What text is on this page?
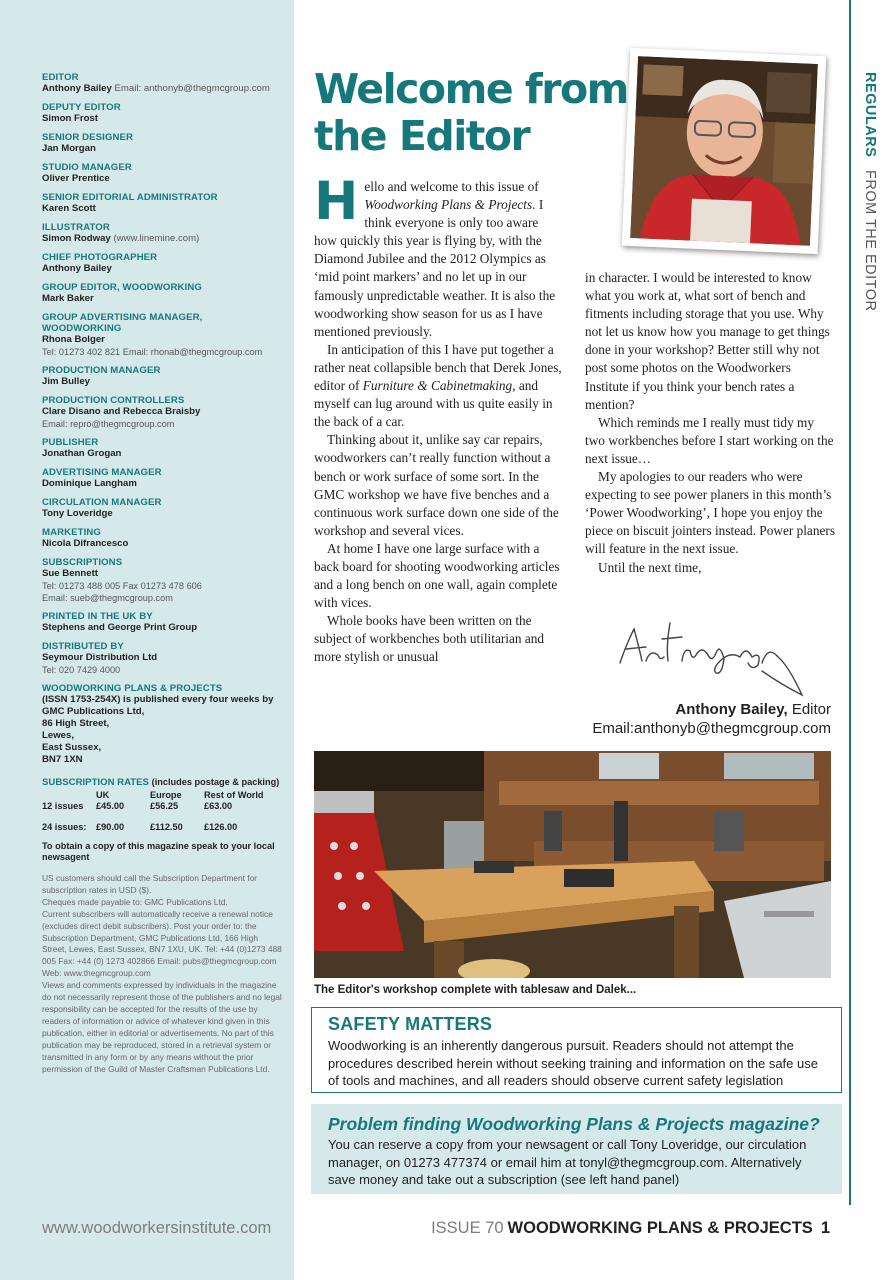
EDITOR
Anthony Bailey Email: anthonyb@thegmcgroup.com
DEPUTY EDITOR
Simon Frost
SENIOR DESIGNER
Jan Morgan
STUDIO MANAGER
Oliver Prentice
SENIOR EDITORIAL ADMINISTRATOR
Karen Scott
ILLUSTRATOR
Simon Rodway (www.linemine.com)
CHIEF PHOTOGRAPHER
Anthony Bailey
GROUP EDITOR, WOODWORKING
Mark Baker
GROUP ADVERTISING MANAGER, WOODWORKING
Rhona Bolger
Tel: 01273 402 821 Email: rhonab@thegmcgroup.com
PRODUCTION MANAGER
Jim Bulley
PRODUCTION CONTROLLERS
Clare Disano and Rebecca Braisby
Email: repro@thegmcgroup.com
PUBLISHER
Jonathan Grogan
ADVERTISING MANAGER
Dominique Langham
CIRCULATION MANAGER
Tony Loveridge
MARKETING
Nicola Difrancesco
SUBSCRIPTIONS
Sue Bennett
Tel: 01273 488 005 Fax 01273 478 606
Email: sueb@thegmcgroup.com
PRINTED IN THE UK BY
Stephens and George Print Group
DISTRIBUTED BY
Seymour Distribution Ltd
Tel: 020 7429 4000
WOODWORKING PLANS & PROJECTS
(ISSN 1753-254X) is published every four weeks by
GMC Publications Ltd,
86 High Street,
Lewes,
East Sussex,
BN7 1XN
SUBSCRIPTION RATES (includes postage & packing)
	UK	Europe	Rest of World
12 issues	£45.00	£56.25	£63.00

24 issues:	£90.00	£112.50	£126.00
To obtain a copy of this magazine speak to your local newsagent
US customers should call the Subscription Department for subscription rates in USD ($).
Cheques made payable to: GMC Publications Ltd.
Current subscribers will automatically receive a renewal notice (excludes direct debit subscribers). Post your order to: the Subscription Department, GMC Publications Ltd, 166 High Street, Lewes, East Sussex, BN7 1XU, UK. Tel: +44 (0)1273 488 005 Fax: +44 (0) 1273 402866 Email: pubs@thegmcgroup.com
Web: www.thegmcgroup.com
Views and comments expressed by individuals in the magazine do not necessarily represent those of the publishers and no legal responsibility can be accepted for the results of the use by readers of information or advice of whatever kind given in this publication, either in editorial or advertisements. No part of this publication may be reproduced, stored in a retrieval system or transmitted in any form or by any means without the prior permission of the Guild of Master Craftsman Publications Ltd.
www.woodworkersinstitute.com
REGULARS FROM THE EDITOR
Welcome from the Editor
H ello and welcome to this issue of Woodworking Plans & Projects. I think everyone is only too aware how quickly this year is flying by, with the Diamond Jubilee and the 2012 Olympics as ‘mid point markers’ and no let up in our famously unpredictable weather. It is also the woodworking show season for us as I have mentioned previously.

In anticipation of this I have put together a rather neat collapsible bench that Derek Jones, editor of Furniture & Cabinetmaking, and myself can lug around with us quite easily in the back of a car.

Thinking about it, unlike say car repairs, woodworkers can’t really function without a bench or work surface of some sort. In the GMC workshop we have five benches and a continuous work surface down one side of the workshop and several vices.

At home I have one large surface with a back board for shooting woodworking articles and a long bench on one wall, again complete with vices.

Whole books have been written on the subject of workbenches both utilitarian and more stylish or unusual

in character. I would be interested to know what you work at, what sort of bench and fitments including storage that you use. Why not let us know how you manage to get things done in your workshop? Better still why not post some photos on the Woodworkers Institute if you think your bench rates a mention?

Which reminds me I really must tidy my two workbenches before I start working on the next issue…

My apologies to our readers who were expecting to see power planers in this month’s ‘Power Woodworking’, I hope you enjoy the piece on biscuit jointers instead. Power planers will feature in the next issue.

Until the next time,

Anthony Bailey, Editor
Email:anthonyb@thegmcgroup.com
The Editor's workshop complete with tablesaw and Dalek...
SAFETY MATTERS
Woodworking is an inherently dangerous pursuit. Readers should not attempt the procedures described herein without seeking training and information on the safe use of tools and machines, and all readers should observe current safety legislation
Problem finding Woodworking Plans & Projects magazine?
You can reserve a copy from your newsagent or call Tony Loveridge, our circulation manager, on 01273 477374 or email him at tonyl@thegmcgroup.com. Alternatively save money and take out a subscription (see left hand panel)
ISSUE 70 WOODWORKING PLANS & PROJECTS 1
